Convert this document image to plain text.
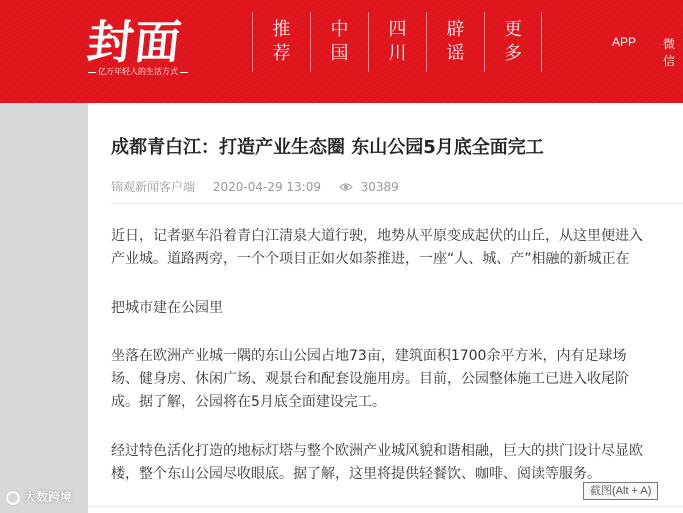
封面
亿万年轻人的生活方式
推荐
中国
四川
辟谣
更多
APP 微信
成都青白江：打造产业生态圈 东山公园5月底全面完工
锦观新闻客户端 2020-04-29 13:09	30389
近日，记者驱车沿着青白江清泉大道行驶，地势从平原变成起伏的山丘，从这里便进入
产业城。道路两旁，一个个项目正如火如荼推进，一座“人、城、产”相融的新城正在
把城市建在公园里
坐落在欧洲产业城一隅的东山公园占地73亩，建筑面积1700余平方米，内有足球场
场、健身房、休闲广场、观景台和配套设施用房。目前，公园整体施工已进入收尾阶
成。据了解，公园将在5月底全面建设完工。
经过特色活化打造的地标灯塔与整个欧洲产业城风貌和谐相融，巨大的拱门设计尽显欧
楼，整个东山公园尽收眼底。据了解，这里将提供轻餐饮、咖啡、阅读等服务。
大数跨境	截图(Alt + A)
